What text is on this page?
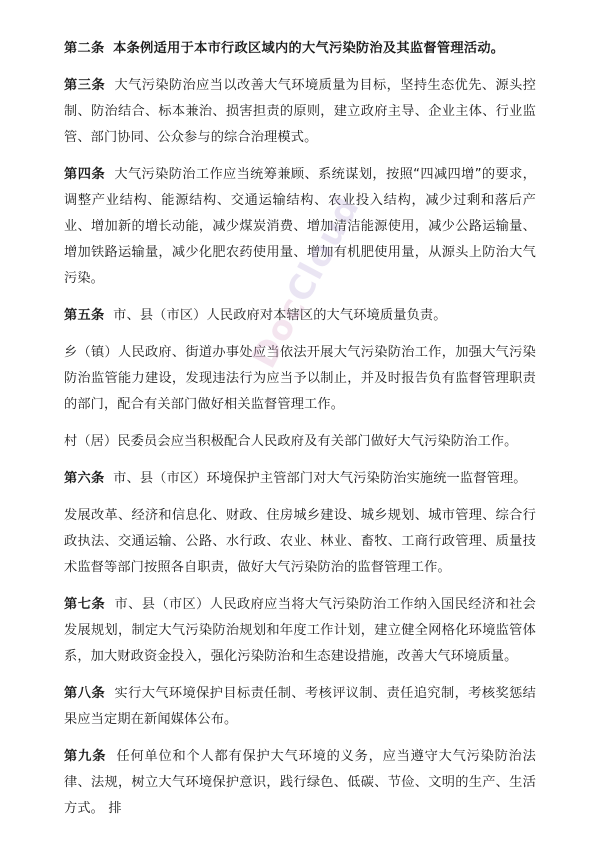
第二条 本条例适用于本市行政区域内的大气污染防治及其监督管理活动。

第三条 大气污染防治应当以改善大气环境质量为目标，坚持生态优先、源头控制、防治结合、标本兼治、损害担责的原则，建立政府主导、企业主体、行业监管、部门协同、公众参与的综合治理模式。

第四条 大气污染防治工作应当统筹兼顾、系统谋划，按照“四减四增”的要求，调整产业结构、能源结构、交通运输结构、农业投入结构，减少过剩和落后产业、增加新的增长动能，减少煤炭消费、增加清洁能源使用，减少公路运输量、增加铁路运输量，减少化肥农药使用量、增加有机肥使用量，从源头上防治大气污染。

第五条 市、县（市区）人民政府对本辖区的大气环境质量负责。

乡（镇）人民政府、街道办事处应当依法开展大气污染防治工作，加强大气污染防治监管能力建设，发现违法行为应当予以制止，并及时报告负有监督管理职责的部门，配合有关部门做好相关监督管理工作。

村（居）民委员会应当积极配合人民政府及有关部门做好大气污染防治工作。

第六条 市、县（市区）环境保护主管部门对大气污染防治实施统一监督管理。

发展改革、经济和信息化、财政、住房城乡建设、城乡规划、城市管理、综合行政执法、交通运输、公路、水行政、农业、林业、畜牧、工商行政管理、质量技术监督等部门按照各自职责，做好大气污染防治的监督管理工作。

第七条 市、县（市区）人民政府应当将大气污染防治工作纳入国民经济和社会发展规划，制定大气污染防治规划和年度工作计划，建立健全网格化环境监管体系，加大财政资金投入，强化污染防治和生态建设措施，改善大气环境质量。

第八条 实行大气环境保护目标责任制、考核评议制、责任追究制，考核奖惩结果应当定期在新闻媒体公布。

第九条 任何单位和个人都有保护大气环境的义务，应当遵守大气污染防治法律、法规，树立大气环境保护意识，践行绿色、低碳、节俭、文明的生产、生活方式。 排

DocCloud
